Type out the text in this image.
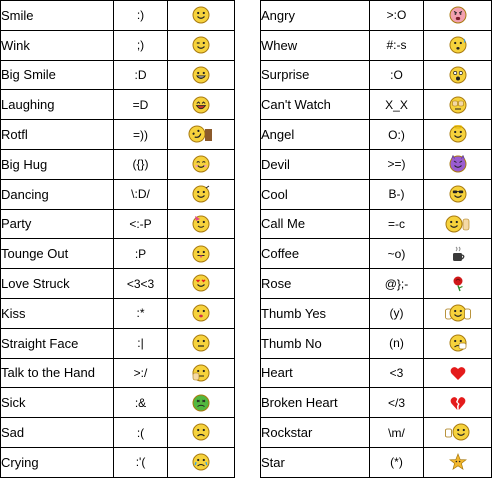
Smile	:)	

Wink	;)	

Big Smile	:D	

Laughing	=D	

Rotfl	=))	

Big Hug	({})	

Dancing	\:D/	

Party	<:-P	

Tounge Out	:P	

Love Struck	<3<3	

Kiss	:*	

Straight Face	:|	

Talk to the Hand	>:/	

Sick	:&	

Sad	:(	

Crying	:'(	
Angry	>:O	

Whew	#:-s	

Surprise	:O	

Can't Watch	X_X	

Angel	O:)	

Devil	>=)	

Cool	B-)	

Call Me	=-c	

Coffee	~o)	

Rose	@};-	

Thumb Yes	(y)	

Thumb No	(n)	

Heart	<3	

Broken Heart	</3	

Rockstar	\m/	

Star	(*)	
